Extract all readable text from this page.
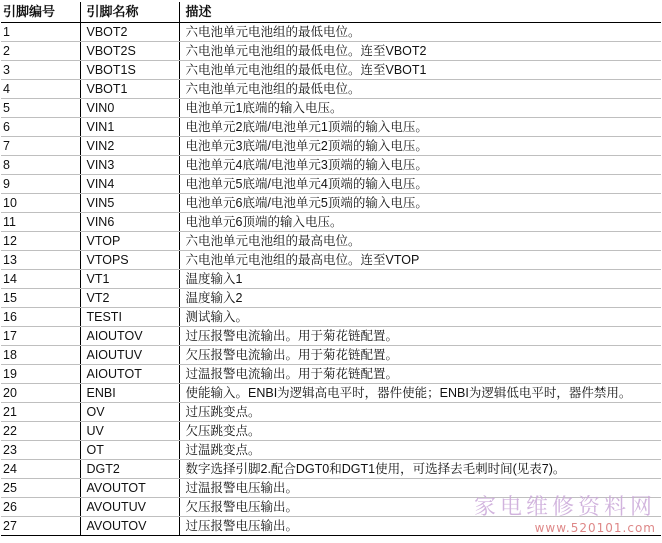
引脚编号	引脚名称	描述
1	VBOT2	六电池单元电池组的最低电位。
2	VBOT2S	六电池单元电池组的最低电位。连至VBOT2
3	VBOT1S	六电池单元电池组的最低电位。连至VBOT1
4	VBOT1	六电池单元电池组的最低电位。
5	VIN0	电池单元1底端的输入电压。
6	VIN1	电池单元2底端/电池单元1顶端的输入电压。
7	VIN2	电池单元3底端/电池单元2顶端的输入电压。
8	VIN3	电池单元4底端/电池单元3顶端的输入电压。
9	VIN4	电池单元5底端/电池单元4顶端的输入电压。
10	VIN5	电池单元6底端/电池单元5顶端的输入电压。
11	VIN6	电池单元6顶端的输入电压。
12	VTOP	六电池单元电池组的最高电位。
13	VTOPS	六电池单元电池组的最高电位。连至VTOP
14	VT1	温度输入1
15	VT2	温度输入2
16	TESTI	测试输入。
17	AIOUTOV	过压报警电流输出。用于菊花链配置。
18	AIOUTUV	欠压报警电流输出。用于菊花链配置。
19	AIOUTOT	过温报警电流输出。用于菊花链配置。
20	ENBI	使能输入。ENBI为逻辑高电平时，器件使能；ENBI为逻辑低电平时，器件禁用。
21	OV	过压跳变点。
22	UV	欠压跳变点。
23	OT	过温跳变点。
24	DGT2	数字选择引脚2.配合DGT0和DGT1使用，可选择去毛刺时间(见表7)。
25	AVOUTOT	过温报警电压输出。
26	AVOUTUV	欠压报警电压输出。
27	AVOUTOV	过压报警电压输出。
家电维修资料网
www.520101.com
